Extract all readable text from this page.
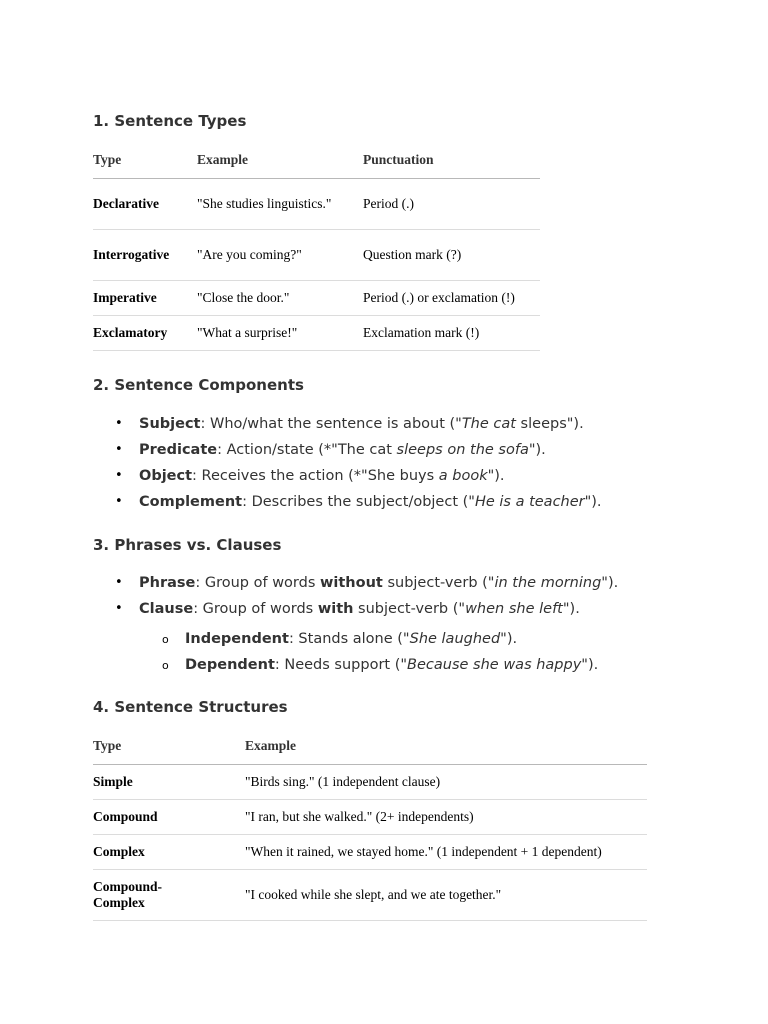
1. Sentence Types
Type	Example	Punctuation
Declarative	"She studies linguistics."	Period (.)
Interrogative	"Are you coming?"	Question mark (?)
Imperative	"Close the door."	Period (.) or exclamation (!)
Exclamatory	"What a surprise!"	Exclamation mark (!)
2. Sentence Components
• Subject: Who/what the sentence is about ("The cat sleeps").
• Predicate: Action/state (*"The cat sleeps on the sofa").
• Object: Receives the action (*"She buys a book").
• Complement: Describes the subject/object ("He is a teacher").
3. Phrases vs. Clauses
• Phrase: Group of words without subject-verb ("in the morning").
• Clause: Group of words with subject-verb ("when she left").
o Independent: Stands alone ("She laughed").
o Dependent: Needs support ("Because she was happy").
4. Sentence Structures
Type	Example
Simple	"Birds sing." (1 independent clause)
Compound	"I ran, but she walked." (2+ independents)
Complex	"When it rained, we stayed home." (1 independent + 1 dependent)
Compound-Complex	"I cooked while she slept, and we ate together."
